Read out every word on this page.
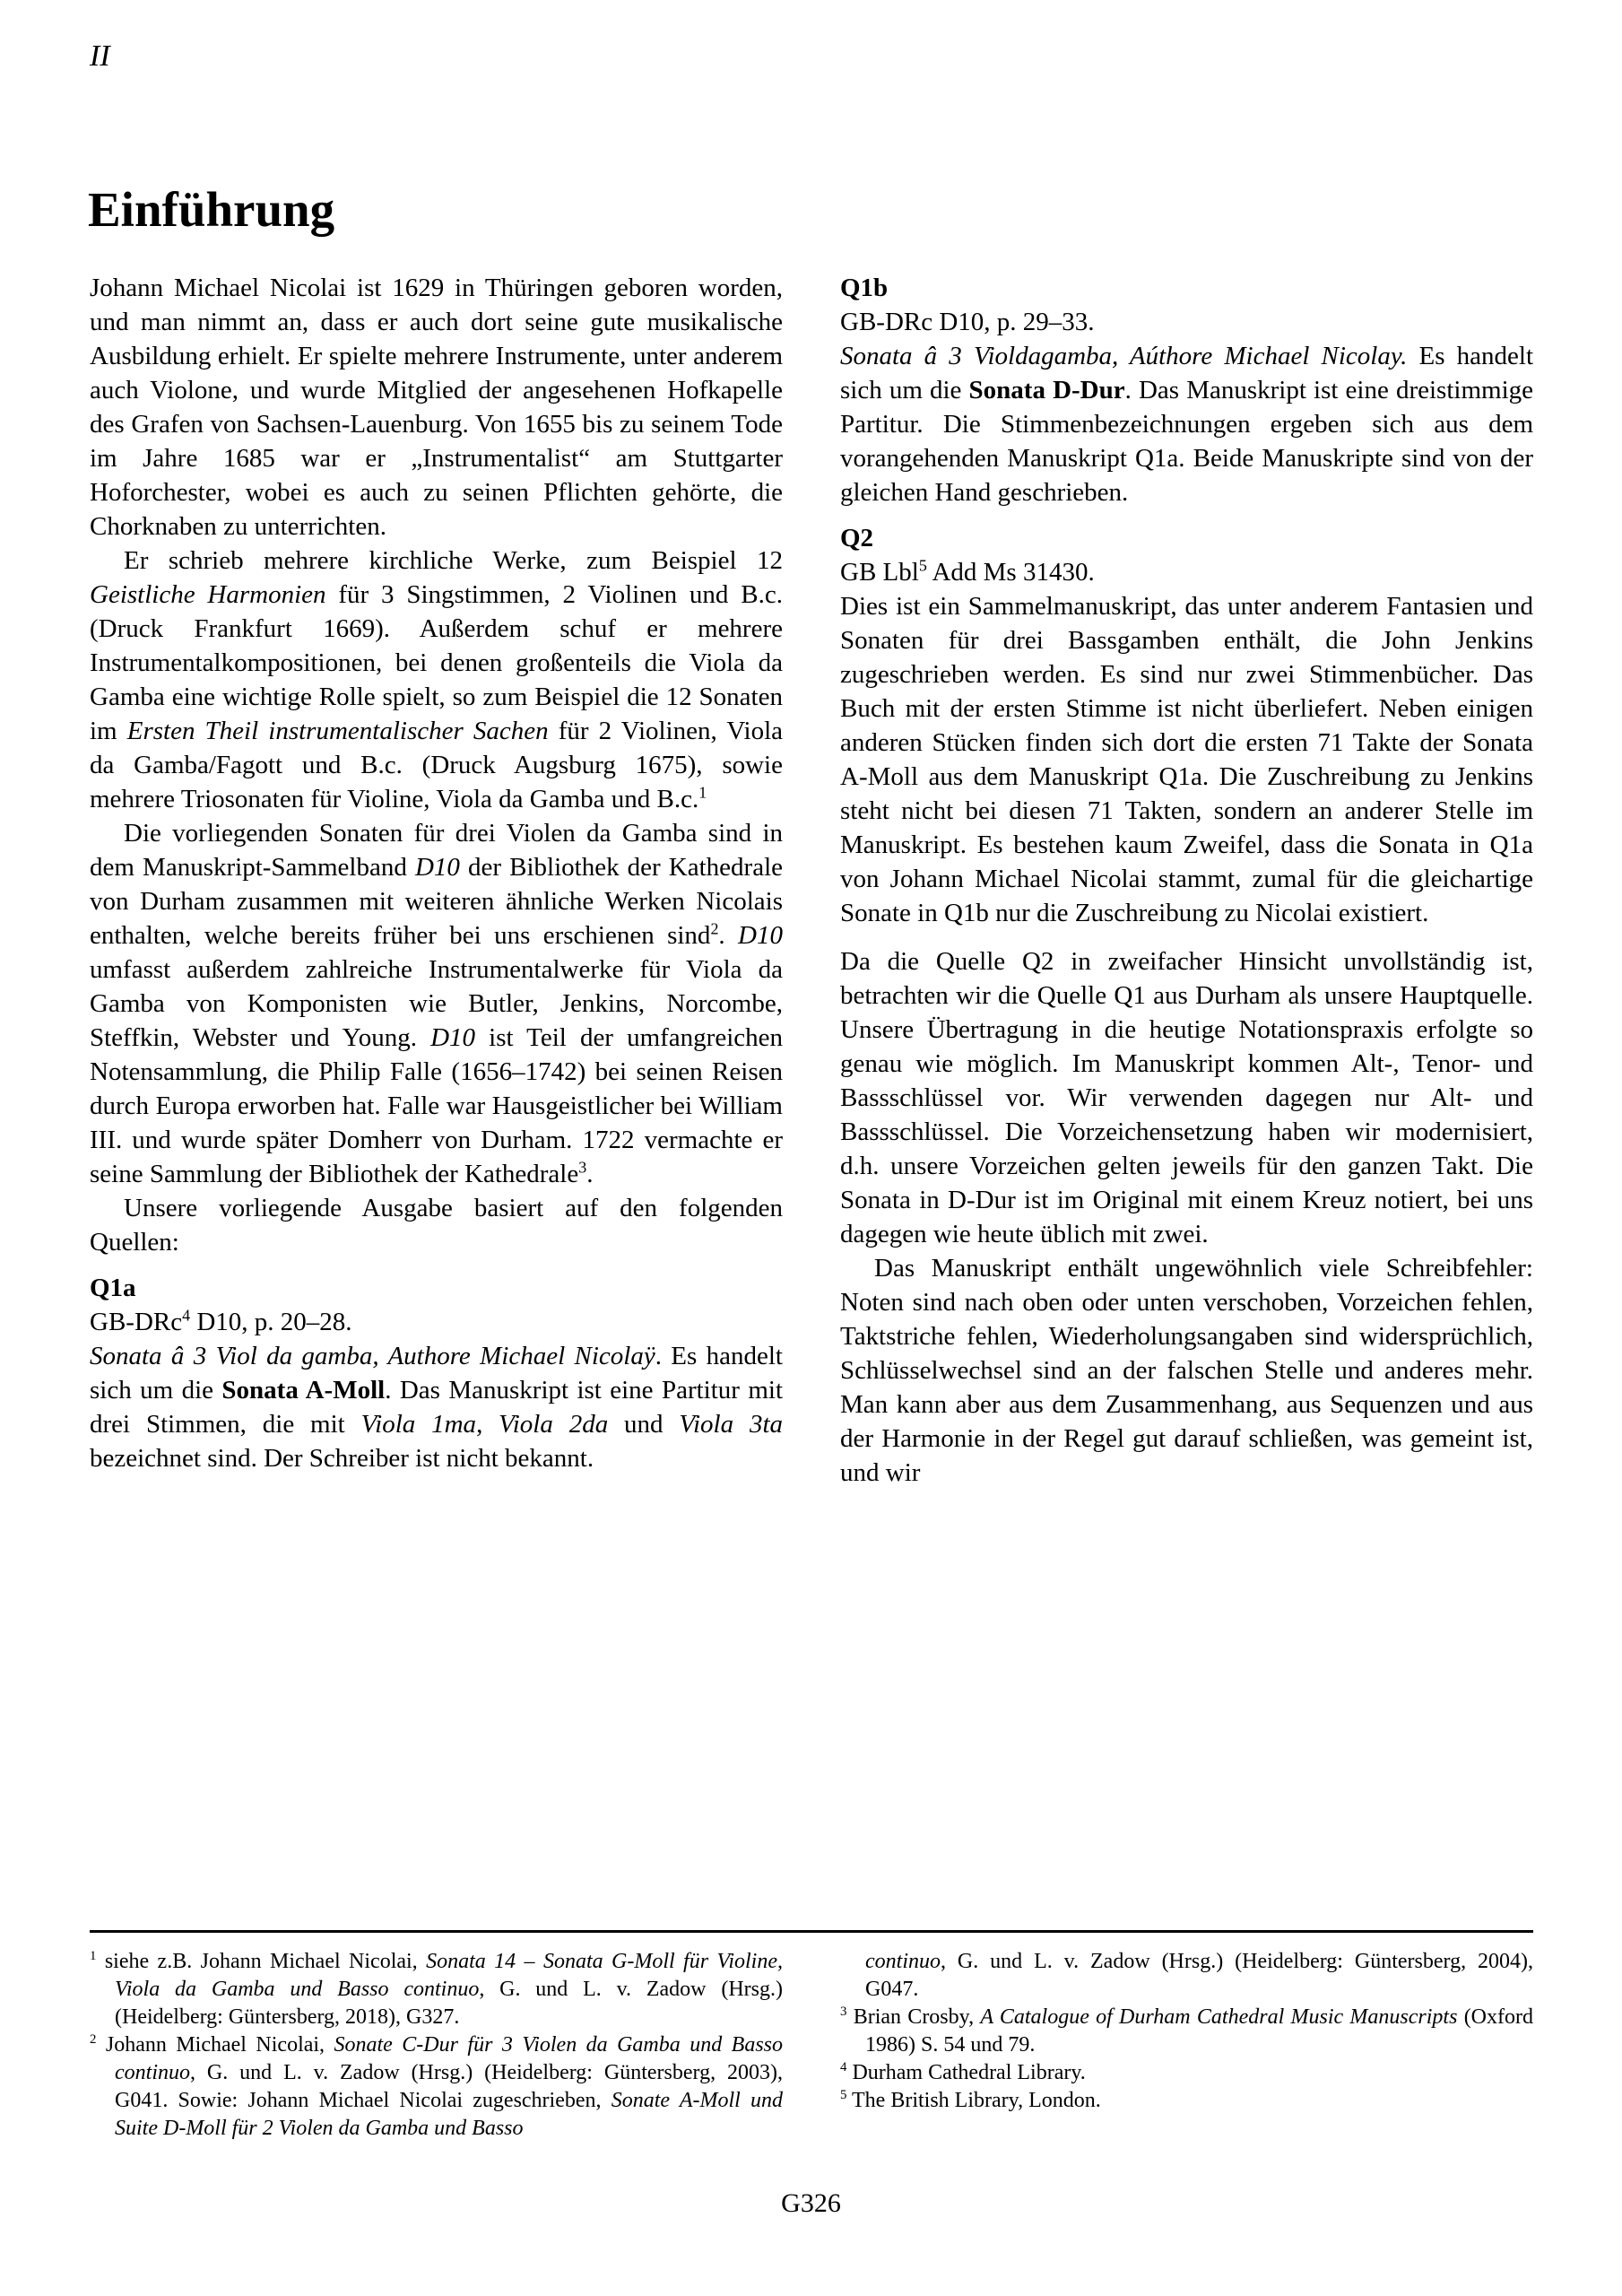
II
Einführung

Johann Michael Nicolai ist 1629 in Thüringen geboren worden, und man nimmt an, dass er auch dort seine gute musikalische Ausbildung erhielt. Er spielte mehrere Instrumente, unter anderem auch Violone, und wurde Mitglied der angesehenen Hofkapelle des Grafen von Sachsen-Lauenburg. Von 1655 bis zu seinem Tode im Jahre 1685 war er „Instrumentalist“ am Stuttgarter Hoforchester, wobei es auch zu seinen Pflichten gehörte, die Chorknaben zu unterrichten.

Er schrieb mehrere kirchliche Werke, zum Beispiel 12 Geistliche Harmonien für 3 Singstimmen, 2 Violinen und B.c. (Druck Frankfurt 1669). Außerdem schuf er mehrere Instrumentalkompositionen, bei denen großenteils die Viola da Gamba eine wichtige Rolle spielt, so zum Beispiel die 12 Sonaten im Ersten Theil instrumentalischer Sachen für 2 Violinen, Viola da Gamba/Fagott und B.c. (Druck Augsburg 1675), sowie mehrere Triosonaten für Violine, Viola da Gamba und B.c.$^1$

Die vorliegenden Sonaten für drei Violen da Gamba sind in dem Manuskript-Sammelband D10 der Bibliothek der Kathedrale von Durham zusammen mit weiteren ähnliche Werken Nicolais enthalten, welche bereits früher bei uns erschienen sind$^2$. D10 umfasst außerdem zahlreiche Instrumentalwerke für Viola da Gamba von Komponisten wie Butler, Jenkins, Norcombe, Steffkin, Webster und Young. D10 ist Teil der umfangreichen Notensammlung, die Philip Falle (1656–1742) bei seinen Reisen durch Europa erworben hat. Falle war Hausgeistlicher bei William III. und wurde später Domherr von Durham. 1722 vermachte er seine Sammlung der Bibliothek der Kathedrale$^3$.

Unsere vorliegende Ausgabe basiert auf den folgenden Quellen:

Q1a

GB-DRc$^4$ D10, p. 20–28.

Sonata â 3 Viol da gamba, Authore Michael Nicolaÿ. Es handelt sich um die Sonata A-Moll. Das Manuskript ist eine Partitur mit drei Stimmen, die mit Viola 1ma, Viola 2da und Viola 3ta bezeichnet sind. Der Schreiber ist nicht bekannt.

Q1b

GB-DRc D10, p. 29–33.

Sonata â 3 Violdagamba, Aúthore Michael Nicolay. Es handelt sich um die Sonata D-Dur. Das Manuskript ist eine dreistimmige Partitur. Die Stimmenbezeichnungen ergeben sich aus dem vorangehenden Manuskript Q1a. Beide Manuskripte sind von der gleichen Hand geschrieben.

Q2

GB Lbl$^5$ Add Ms 31430.

Dies ist ein Sammelmanuskript, das unter anderem Fantasien und Sonaten für drei Bassgamben enthält, die John Jenkins zugeschrieben werden. Es sind nur zwei Stimmenbücher. Das Buch mit der ersten Stimme ist nicht überliefert. Neben einigen anderen Stücken finden sich dort die ersten 71 Takte der Sonata A-Moll aus dem Manuskript Q1a. Die Zuschreibung zu Jenkins steht nicht bei diesen 71 Takten, sondern an anderer Stelle im Manuskript. Es bestehen kaum Zweifel, dass die Sonata in Q1a von Johann Michael Nicolai stammt, zumal für die gleichartige Sonate in Q1b nur die Zuschreibung zu Nicolai existiert.

Da die Quelle Q2 in zweifacher Hinsicht unvollständig ist, betrachten wir die Quelle Q1 aus Durham als unsere Hauptquelle. Unsere Übertragung in die heutige Notationspraxis erfolgte so genau wie möglich. Im Manuskript kommen Alt-, Tenor- und Bassschlüssel vor. Wir verwenden dagegen nur Alt- und Bassschlüssel. Die Vorzeichensetzung haben wir modernisiert, d.h. unsere Vorzeichen gelten jeweils für den ganzen Takt. Die Sonata in D-Dur ist im Original mit einem Kreuz notiert, bei uns dagegen wie heute üblich mit zwei.

Das Manuskript enthält ungewöhnlich viele Schreibfehler: Noten sind nach oben oder unten verschoben, Vorzeichen fehlen, Taktstriche fehlen, Wiederholungsangaben sind widersprüchlich, Schlüsselwechsel sind an der falschen Stelle und anderes mehr. Man kann aber aus dem Zusammenhang, aus Sequenzen und aus der Harmonie in der Regel gut darauf schließen, was gemeint ist, und wir

$^1$ siehe z.B. Johann Michael Nicolai, Sonata 14 – Sonata G-Moll für Violine, Viola da Gamba und Basso continuo, G. und L. v. Zadow (Hrsg.) (Heidelberg: Güntersberg, 2018), G327.

$^2$ Johann Michael Nicolai, Sonate C-Dur für 3 Violen da Gamba und Basso continuo, G. und L. v. Zadow (Hrsg.) (Heidelberg: Güntersberg, 2003), G041. Sowie: Johann Michael Nicolai zugeschrieben, Sonate A-Moll und Suite D-Moll für 2 Violen da Gamba und Basso

continuo, G. und L. v. Zadow (Hrsg.) (Heidelberg: Güntersberg, 2004), G047.

$^3$ Brian Crosby, A Catalogue of Durham Cathedral Music Manuscripts (Oxford 1986) S. 54 und 79.

$^4$ Durham Cathedral Library.

$^5$ The British Library, London.

G326
